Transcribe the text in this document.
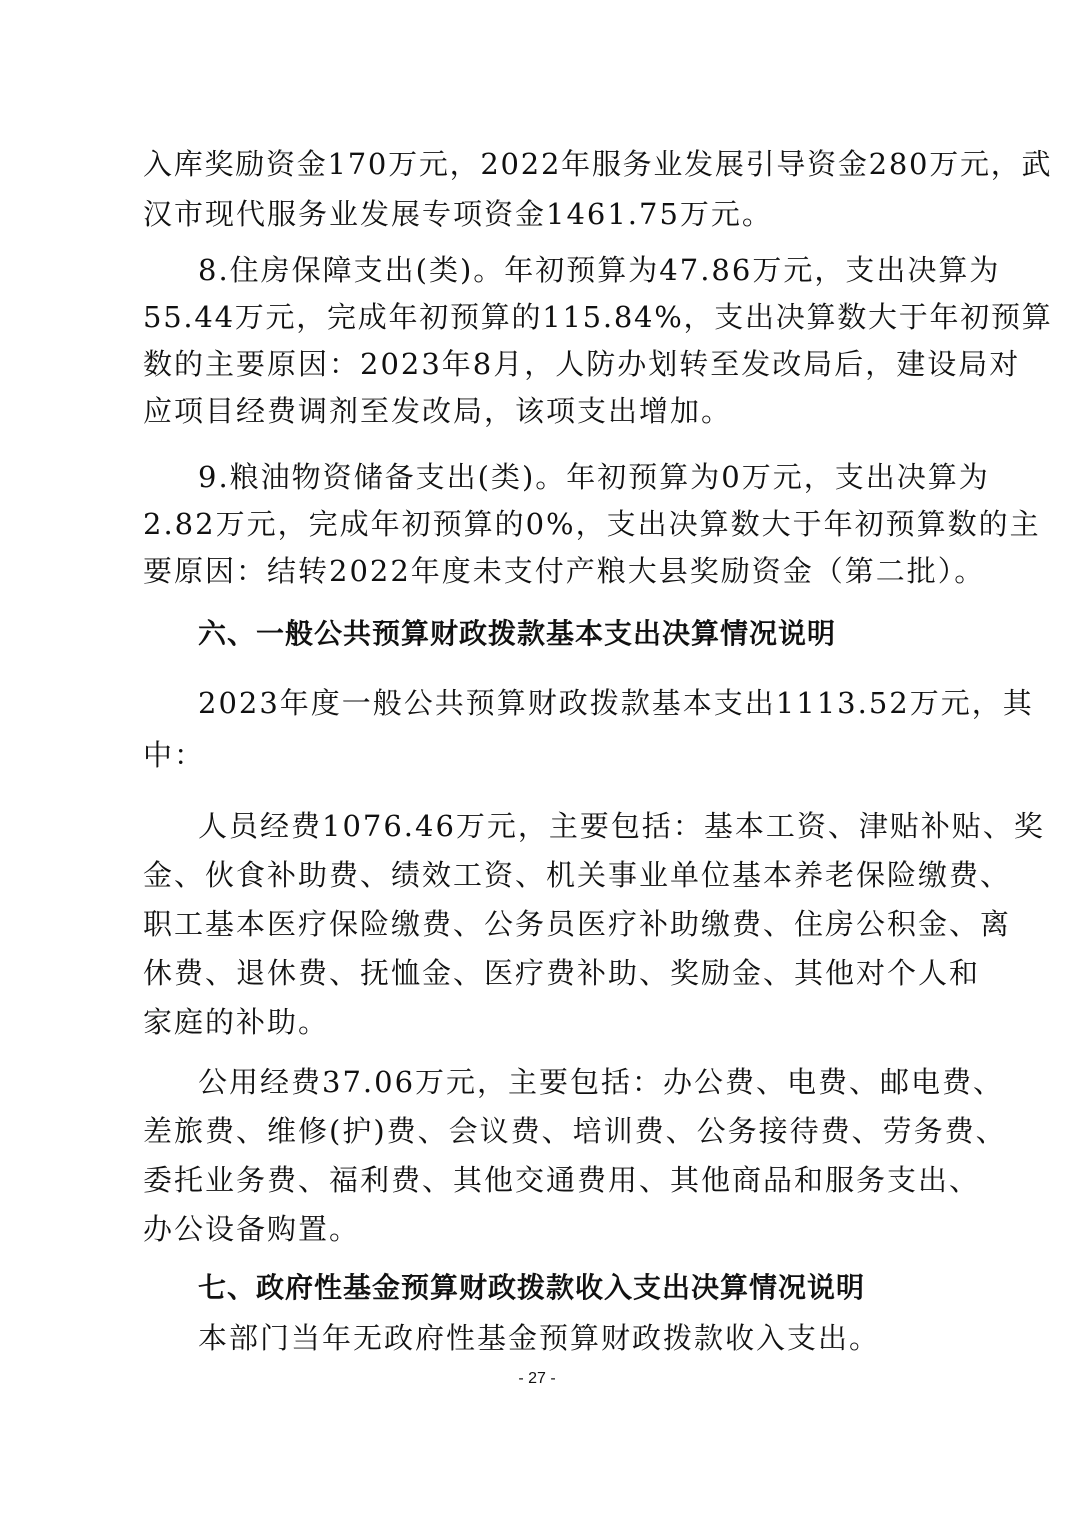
入库奖励资金170万元，2022年服务业发展引导资金280万元，武
汉市现代服务业发展专项资金1461.75万元。
8.住房保障支出(类)。年初预算为47.86万元，支出决算为
55.44万元，完成年初预算的115.84%，支出决算数大于年初预算
数的主要原因：2023年8月，人防办划转至发改局后，建设局对
应项目经费调剂至发改局，该项支出增加。
9.粮油物资储备支出(类)。年初预算为0万元，支出决算为
2.82万元，完成年初预算的0%，支出决算数大于年初预算数的主
要原因：结转2022年度未支付产粮大县奖励资金（第二批）。
六、一般公共预算财政拨款基本支出决算情况说明
2023年度一般公共预算财政拨款基本支出1113.52万元，其
中：
人员经费1076.46万元，主要包括：基本工资、津贴补贴、奖
金、伙食补助费、绩效工资、机关事业单位基本养老保险缴费、
职工基本医疗保险缴费、公务员医疗补助缴费、住房公积金、离
休费、退休费、抚恤金、医疗费补助、奖励金、其他对个人和
家庭的补助。
公用经费37.06万元，主要包括：办公费、电费、邮电费、
差旅费、维修(护)费、会议费、培训费、公务接待费、劳务费、
委托业务费、福利费、其他交通费用、其他商品和服务支出、
办公设备购置。
七、政府性基金预算财政拨款收入支出决算情况说明
本部门当年无政府性基金预算财政拨款收入支出。
- 27 -
